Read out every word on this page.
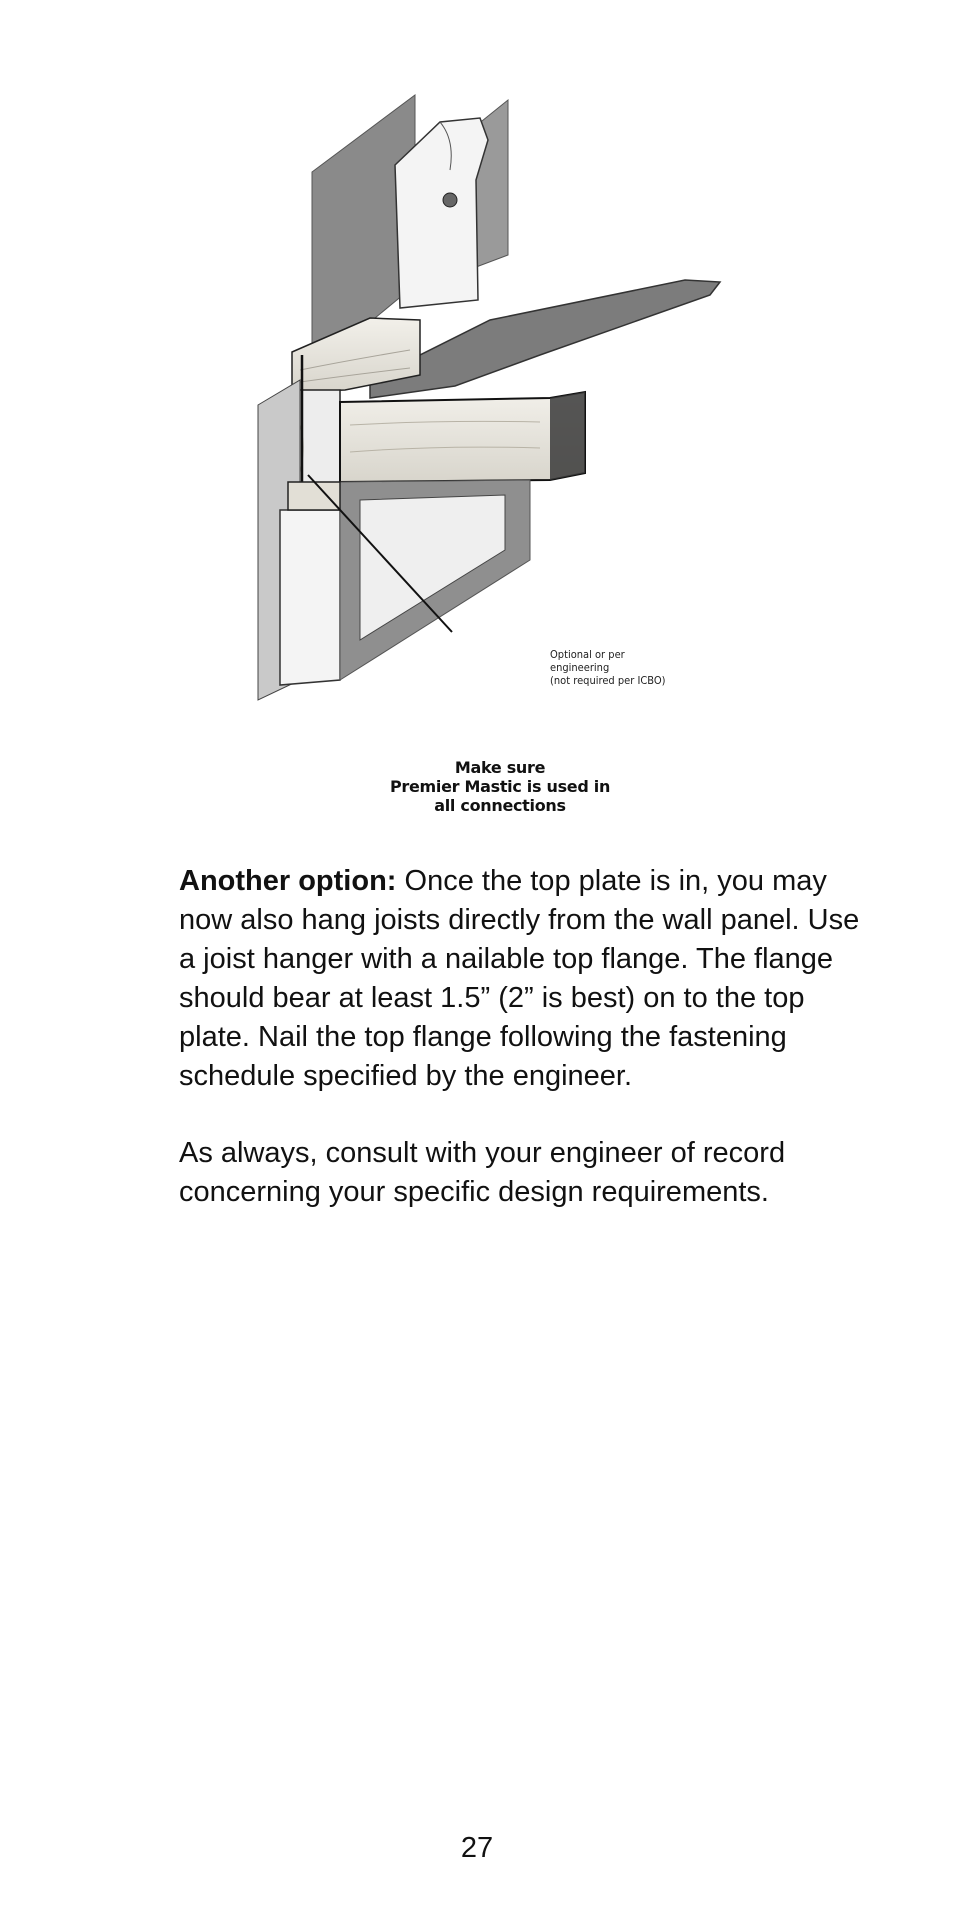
Optional or per
engineering
(not required per ICBO)
Make sure
Premier Mastic is used in
all connections

Another option: Once the top plate is in, you may now also hang joists directly from the wall panel. Use a joist hanger with a nailable top flange. The flange should bear at least 1.5” (2” is best) on to the top plate. Nail the top flange following the fastening schedule specified by the engineer.

As always, consult with your engineer of record concerning your specific design requirements.

27
